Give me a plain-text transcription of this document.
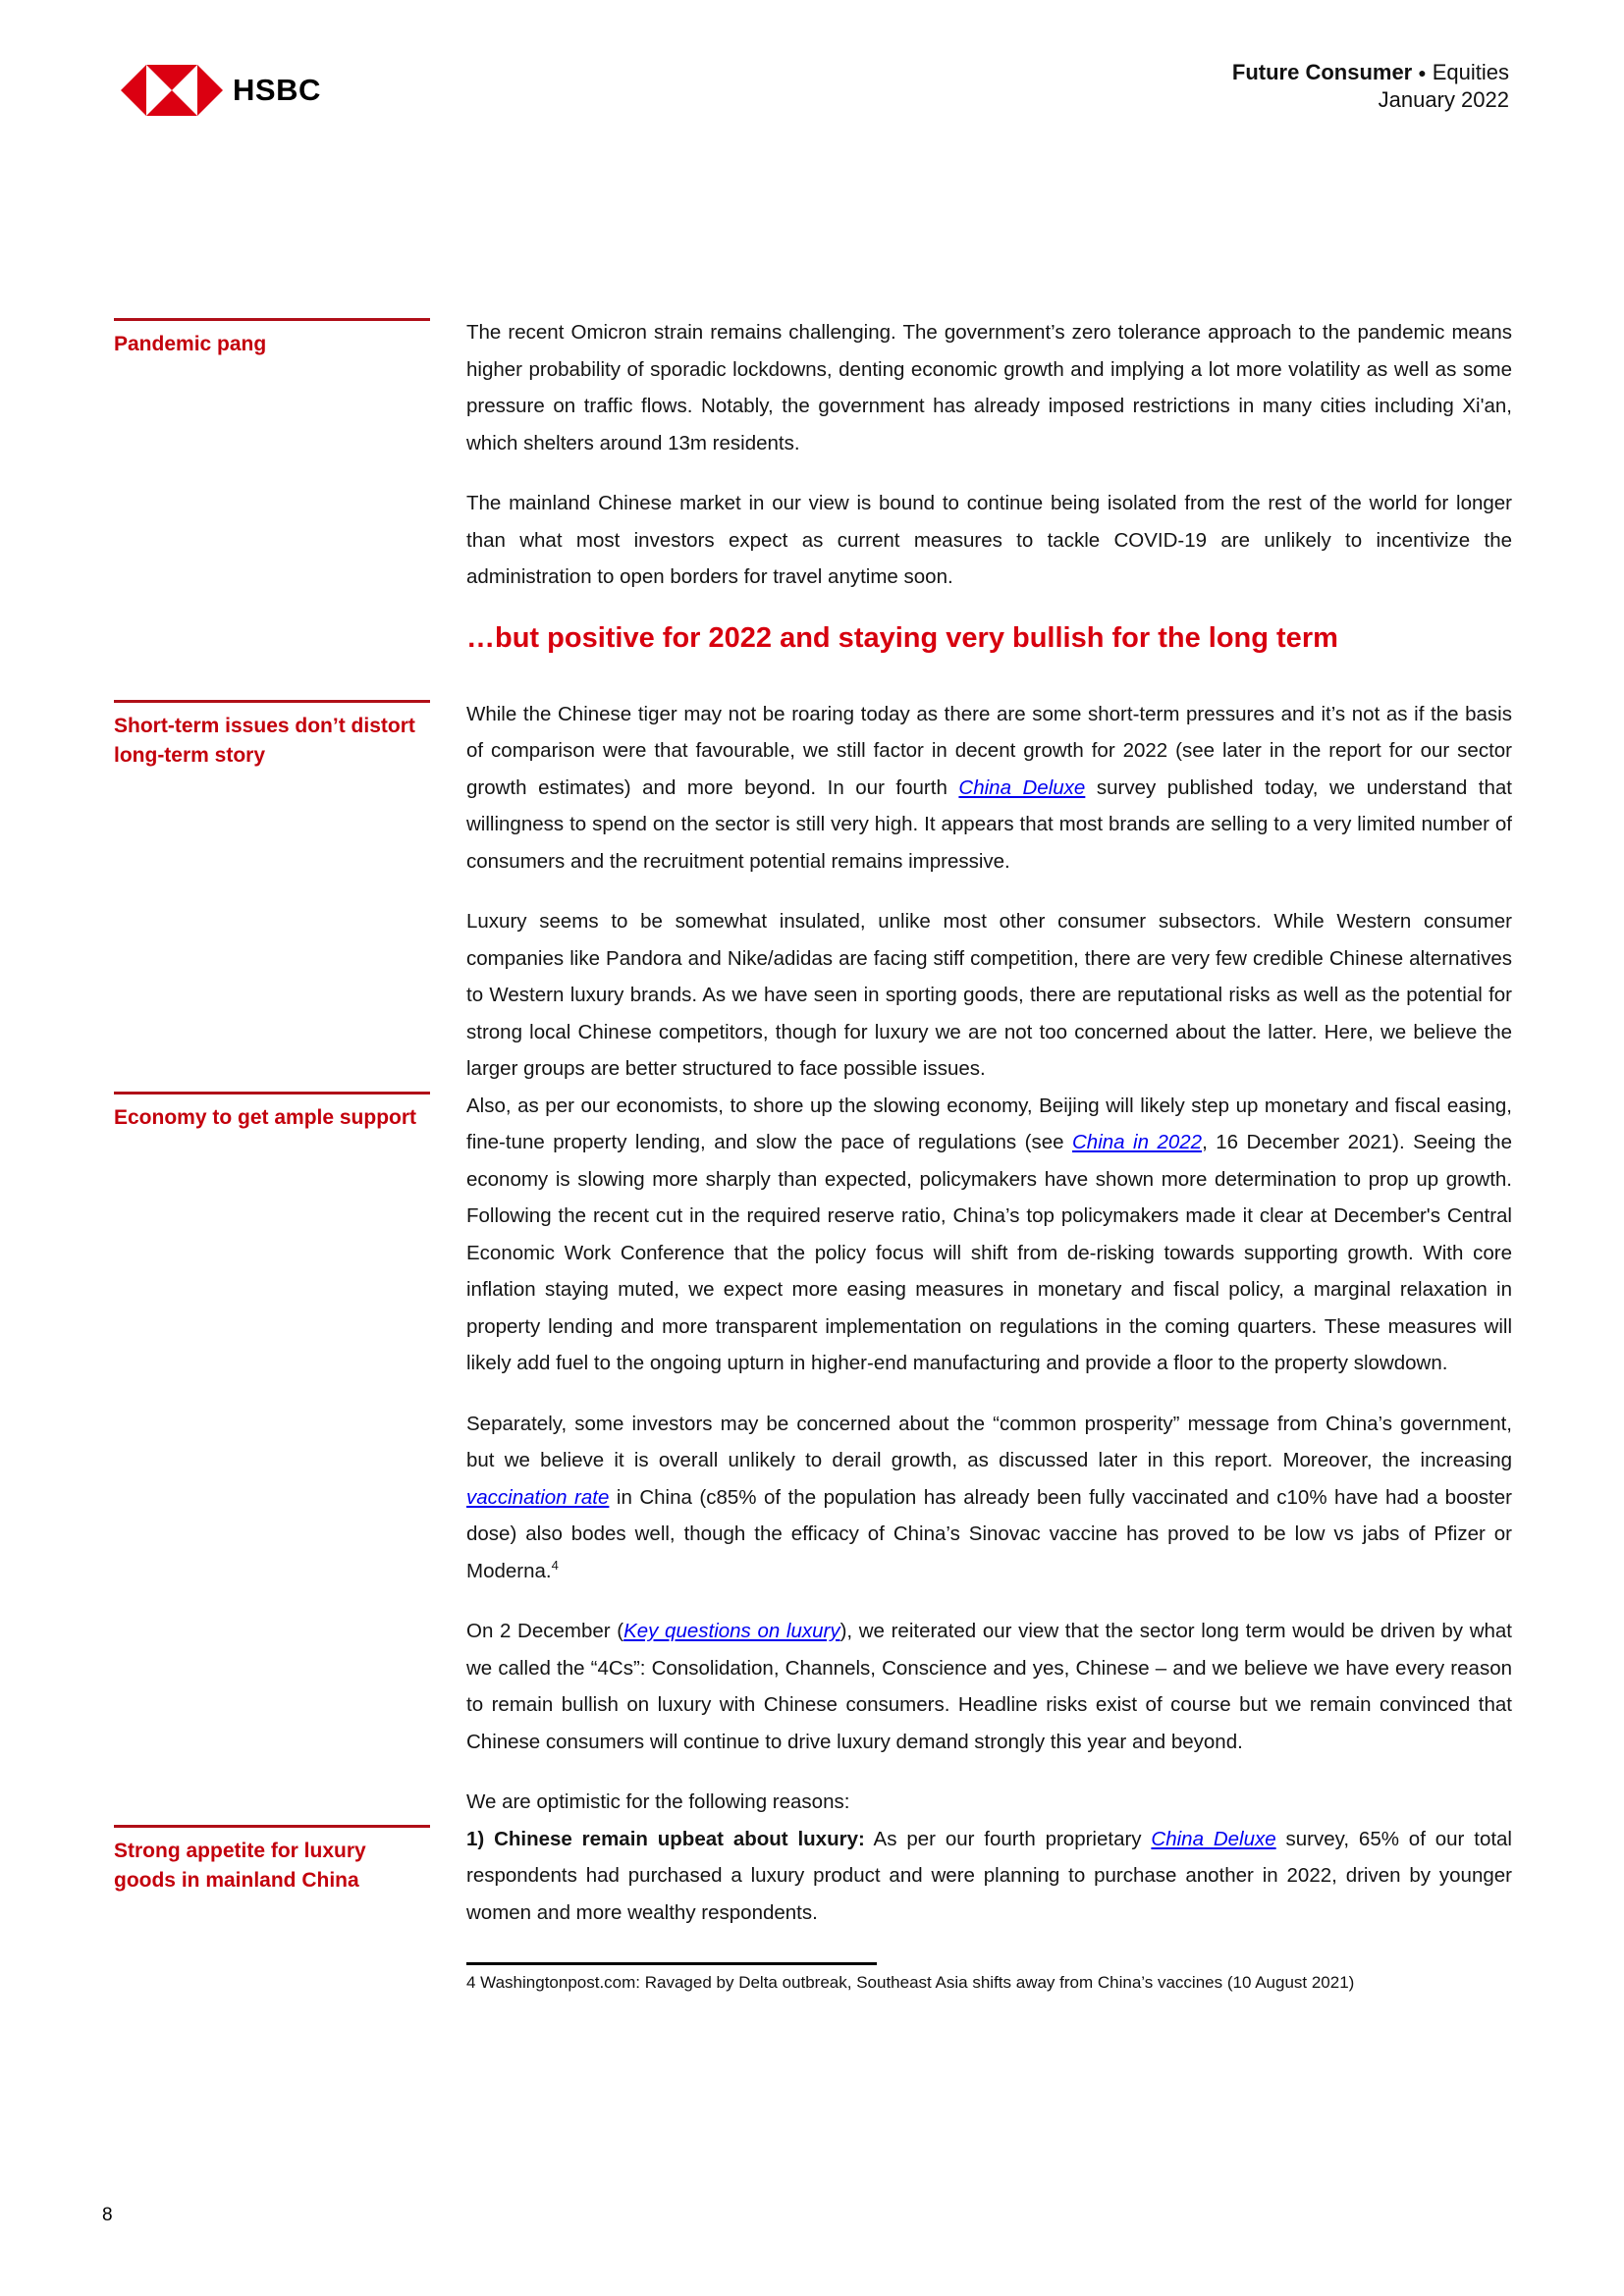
HSBC
Future Consumer ● Equities
January 2022
Pandemic pang

The recent Omicron strain remains challenging. The government’s zero tolerance approach to the pandemic means higher probability of sporadic lockdowns, denting economic growth and implying a lot more volatility as well as some pressure on traffic flows. Notably, the government has already imposed restrictions in many cities including Xi'an, which shelters around 13m residents.

The mainland Chinese market in our view is bound to continue being isolated from the rest of the world for longer than what most investors expect as current measures to tackle COVID-19 are unlikely to incentivize the administration to open borders for travel anytime soon.

…but positive for 2022 and staying very bullish for the long term
Short-term issues don’t distort long-term story

While the Chinese tiger may not be roaring today as there are some short-term pressures and it’s not as if the basis of comparison were that favourable, we still factor in decent growth for 2022 (see later in the report for our sector growth estimates) and more beyond. In our fourth China Deluxe survey published today, we understand that willingness to spend on the sector is still very high. It appears that most brands are selling to a very limited number of consumers and the recruitment potential remains impressive.

Luxury seems to be somewhat insulated, unlike most other consumer subsectors. While Western consumer companies like Pandora and Nike/adidas are facing stiff competition, there are very few credible Chinese alternatives to Western luxury brands. As we have seen in sporting goods, there are reputational risks as well as the potential for strong local Chinese competitors, though for luxury we are not too concerned about the latter. Here, we believe the larger groups are better structured to face possible issues.

Economy to get ample support

Also, as per our economists, to shore up the slowing economy, Beijing will likely step up monetary and fiscal easing, fine-tune property lending, and slow the pace of regulations (see China in 2022, 16 December 2021). Seeing the economy is slowing more sharply than expected, policymakers have shown more determination to prop up growth. Following the recent cut in the required reserve ratio, China’s top policymakers made it clear at December's Central Economic Work Conference that the policy focus will shift from de-risking towards supporting growth. With core inflation staying muted, we expect more easing measures in monetary and fiscal policy, a marginal relaxation in property lending and more transparent implementation on regulations in the coming quarters. These measures will likely add fuel to the ongoing upturn in higher-end manufacturing and provide a floor to the property slowdown.

Separately, some investors may be concerned about the “common prosperity” message from China’s government, but we believe it is overall unlikely to derail growth, as discussed later in this report. Moreover, the increasing vaccination rate in China (c85% of the population has already been fully vaccinated and c10% have had a booster dose) also bodes well, though the efficacy of China’s Sinovac vaccine has proved to be low vs jabs of Pfizer or Moderna.$^4$

On 2 December (Key questions on luxury), we reiterated our view that the sector long term would be driven by what we called the “4Cs”: Consolidation, Channels, Conscience and yes, Chinese – and we believe we have every reason to remain bullish on luxury with Chinese consumers. Headline risks exist of course but we remain convinced that Chinese consumers will continue to drive luxury demand strongly this year and beyond.

We are optimistic for the following reasons:

Strong appetite for luxury goods in mainland China

1) Chinese remain upbeat about luxury: As per our fourth proprietary China Deluxe survey, 65% of our total respondents had purchased a luxury product and were planning to purchase another in 2022, driven by younger women and more wealthy respondents.

4 Washingtonpost.com: Ravaged by Delta outbreak, Southeast Asia shifts away from China’s vaccines (10 August 2021)
8
